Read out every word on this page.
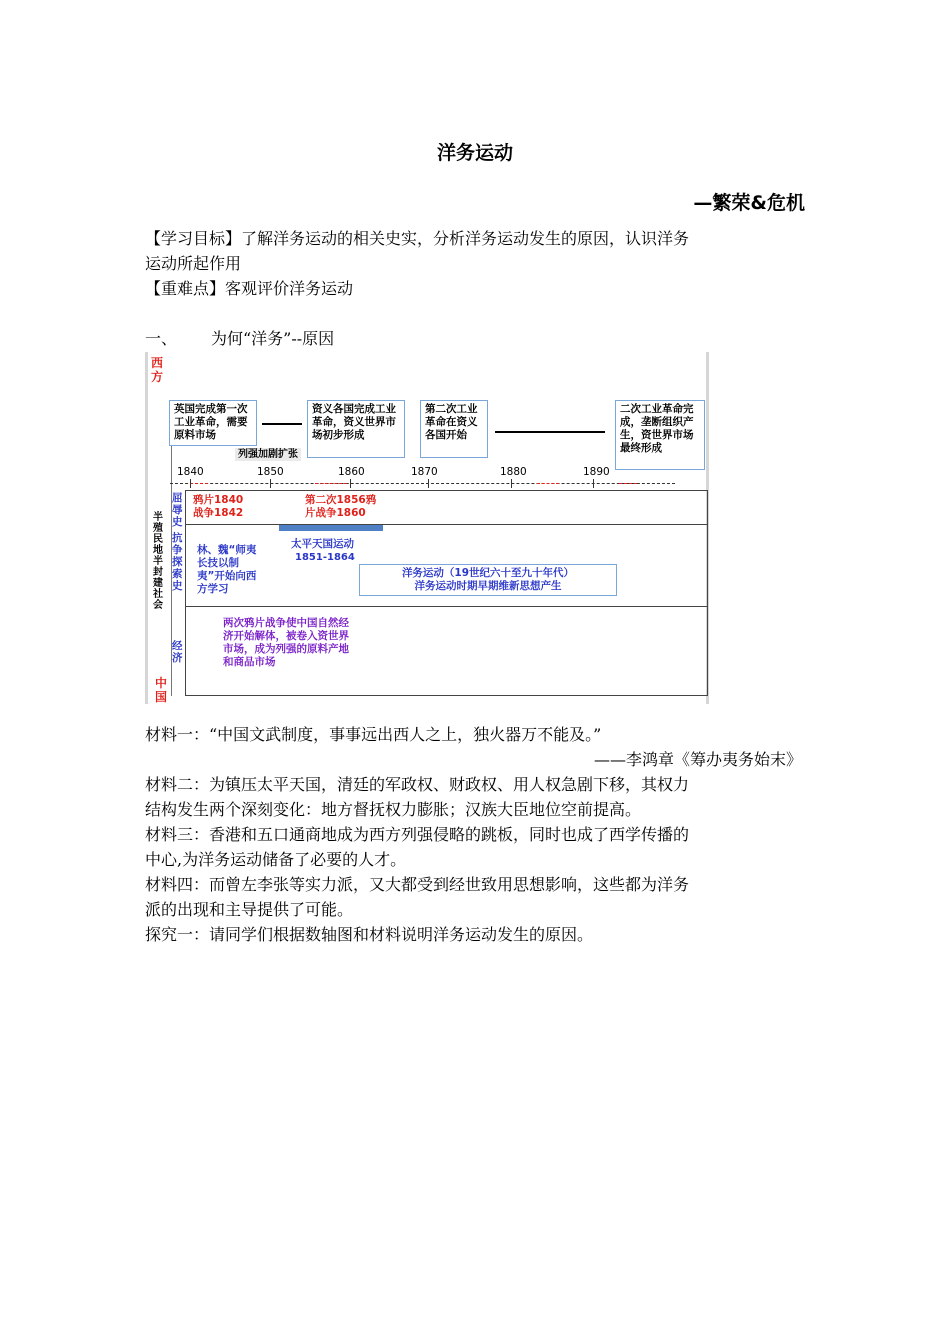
洋务运动
—繁荣&危机
【学习目标】了解洋务运动的相关史实，分析洋务运动发生的原因，认识洋务
运动所起作用
【重难点】客观评价洋务运动
一、 为何“洋务”--原因
西方
中国
半殖民地半封建社会
英国完成第一次工业革命，需要原料市场
资义各国完成工业革命，资义世界市场初步形成
第二次工业革命在资义各国开始
二次工业革命完成，垄断组织产生，资世界市场最终形成
列强加剧扩张
1840	1850	1860	1870	1880	1890
屈辱史
抗争探索史
经济
鸦片1840战争1842
第二次1856鸦片战争1860
太平天国运动
1851-1864
林、魏“师夷长技以制夷”开始向西方学习
洋务运动（19世纪六十至九十年代）
洋务运动时期早期维新思想产生
两次鸦片战争使中国自然经济开始解体，被卷入资世界市场，成为列强的原料产地和商品市场
材料一：“中国文武制度，事事远出西人之上，独火器万不能及。”
——李鸿章《筹办夷务始末》
材料二：为镇压太平天国，清廷的军政权、财政权、用人权急剧下移，其权力
结构发生两个深刻变化：地方督抚权力膨胀；汉族大臣地位空前提高。
材料三：香港和五口通商地成为西方列强侵略的跳板，同时也成了西学传播的
中心,为洋务运动储备了必要的人才。
材料四：而曾左李张等实力派，又大都受到经世致用思想影响，这些都为洋务
派的出现和主导提供了可能。
探究一：请同学们根据数轴图和材料说明洋务运动发生的原因。
